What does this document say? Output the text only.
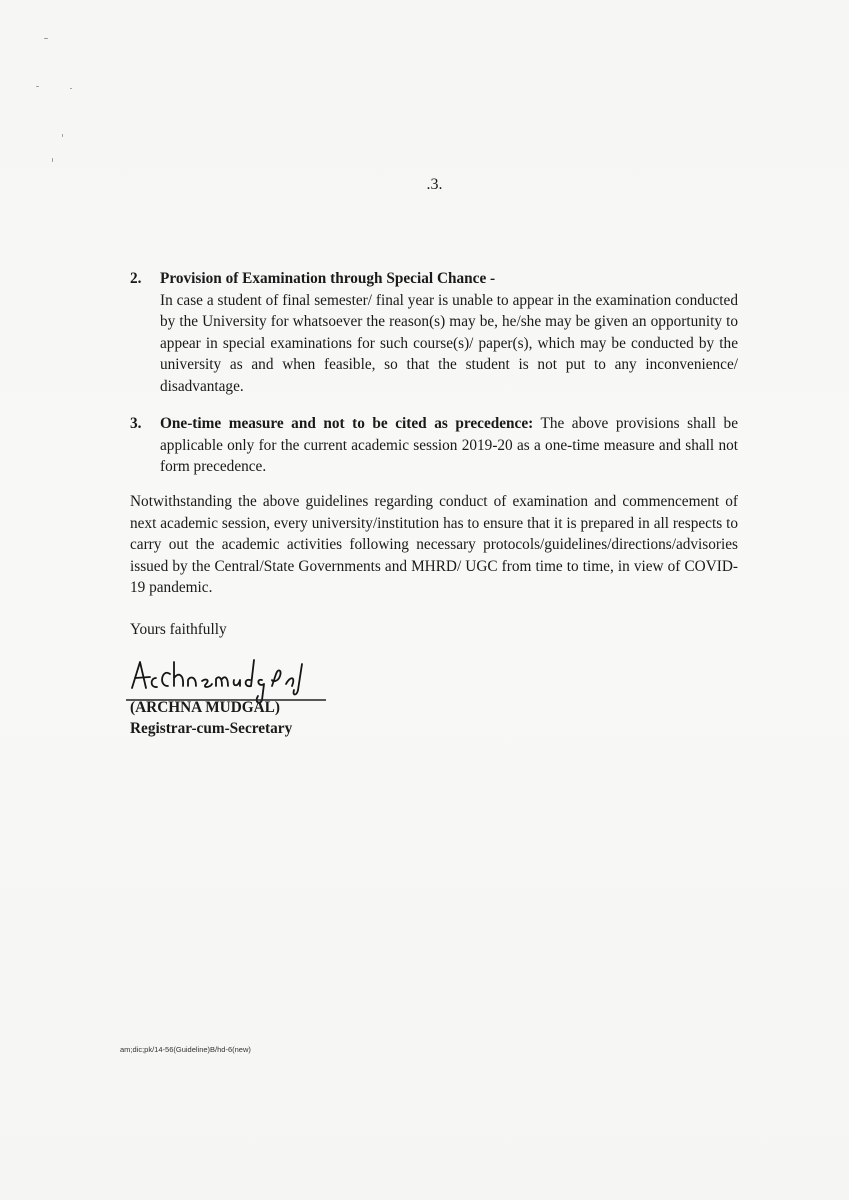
.3.
2.	Provision of Examination through Special Chance -
In case a student of final semester/ final year is unable to appear in the examination conducted by the University for whatsoever the reason(s) may be, he/she may be given an opportunity to appear in special examinations for such course(s)/ paper(s), which may be conducted by the university as and when feasible, so that the student is not put to any inconvenience/ disadvantage.
3.	One-time measure and not to be cited as precedence: The above provisions shall be applicable only for the current academic session 2019-20 as a one-time measure and shall not form precedence.
Notwithstanding the above guidelines regarding conduct of examination and commencement of next academic session, every university/institution has to ensure that it is prepared in all respects to carry out the academic activities following necessary protocols/guidelines/directions/advisories issued by the Central/State Governments and MHRD/ UGC from time to time, in view of COVID-19 pandemic.
Yours faithfully
(ARCHNA MUDGAL)
Registrar-cum-Secretary
am;dic;pk/14-56(Guideline)B/hd-6(new)
